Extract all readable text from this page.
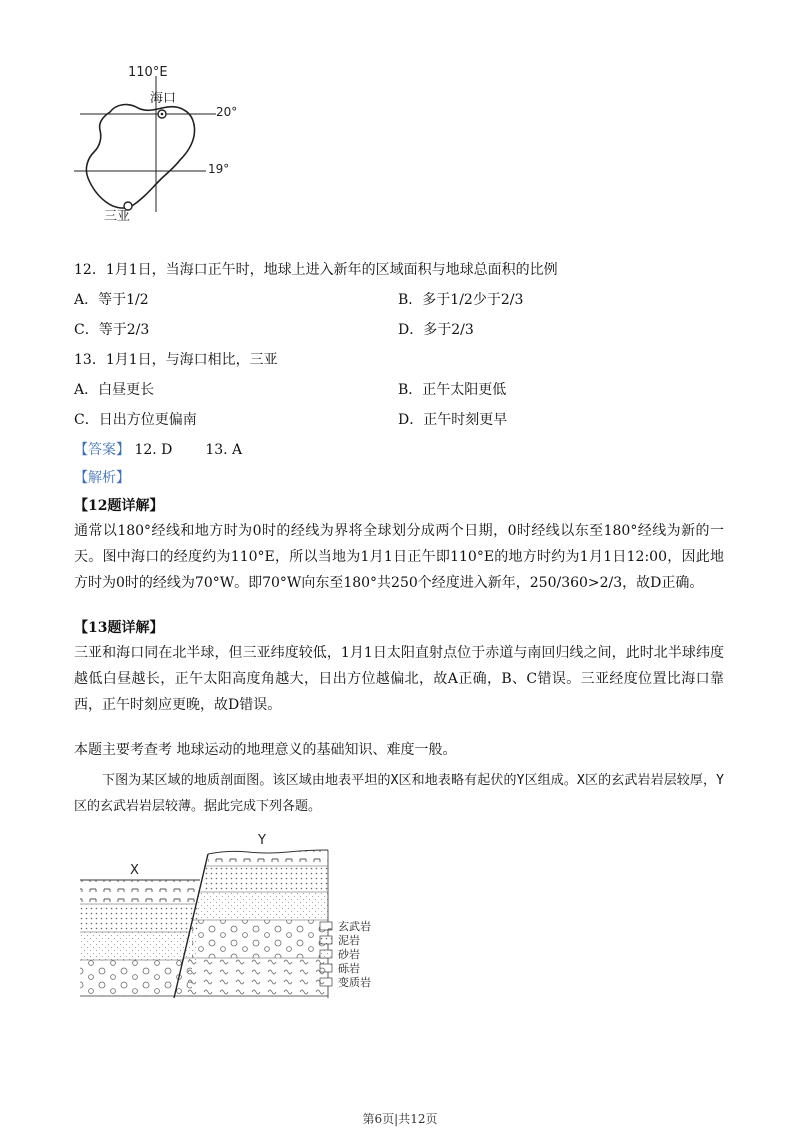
110°E
海口
20°
19°
三亚
12．1月1日，当海口正午时，地球上进入新年的区域面积与地球总面积的比例
A．等于1/2	B．多于1/2少于2/3
C．等于2/3	D．多于2/3
13．1月1日，与海口相比，三亚
A．白昼更长	B．正午太阳更低
C．日出方位更偏南	D．正午时刻更早
【答案】 12. D 13. A
【解析】
【12题详解】
通常以180°经线和地方时为0时的经线为界将全球划分成两个日期，0时经线以东至180°经线为新的一天。图中海口的经度约为110°E，所以当地为1月1日正午即110°E的地方时约为1月1日12:00，因此地方时为0时的经线为70°W。即70°W向东至180°共250个经度进入新年，250/360>2/3，故D正确。
【13题详解】
三亚和海口同在北半球，但三亚纬度较低，1月1日太阳直射点位于赤道与南回归线之间，此时北半球纬度越低白昼越长，正午太阳高度角越大，日出方位越偏北，故A正确，B、C错误。三亚经度位置比海口靠西，正午时刻应更晚，故D错误。
本题主要考查考 地球运动的地理意义的基础知识、难度一般。
下图为某区域的地质剖面图。该区域由地表平坦的X区和地表略有起伏的Y区组成。X区的玄武岩岩层较厚，Y区的玄武岩岩层较薄。据此完成下列各题。
X
Y
玄武岩
泥岩
砂岩
砾岩
变质岩
第6页|共12页
